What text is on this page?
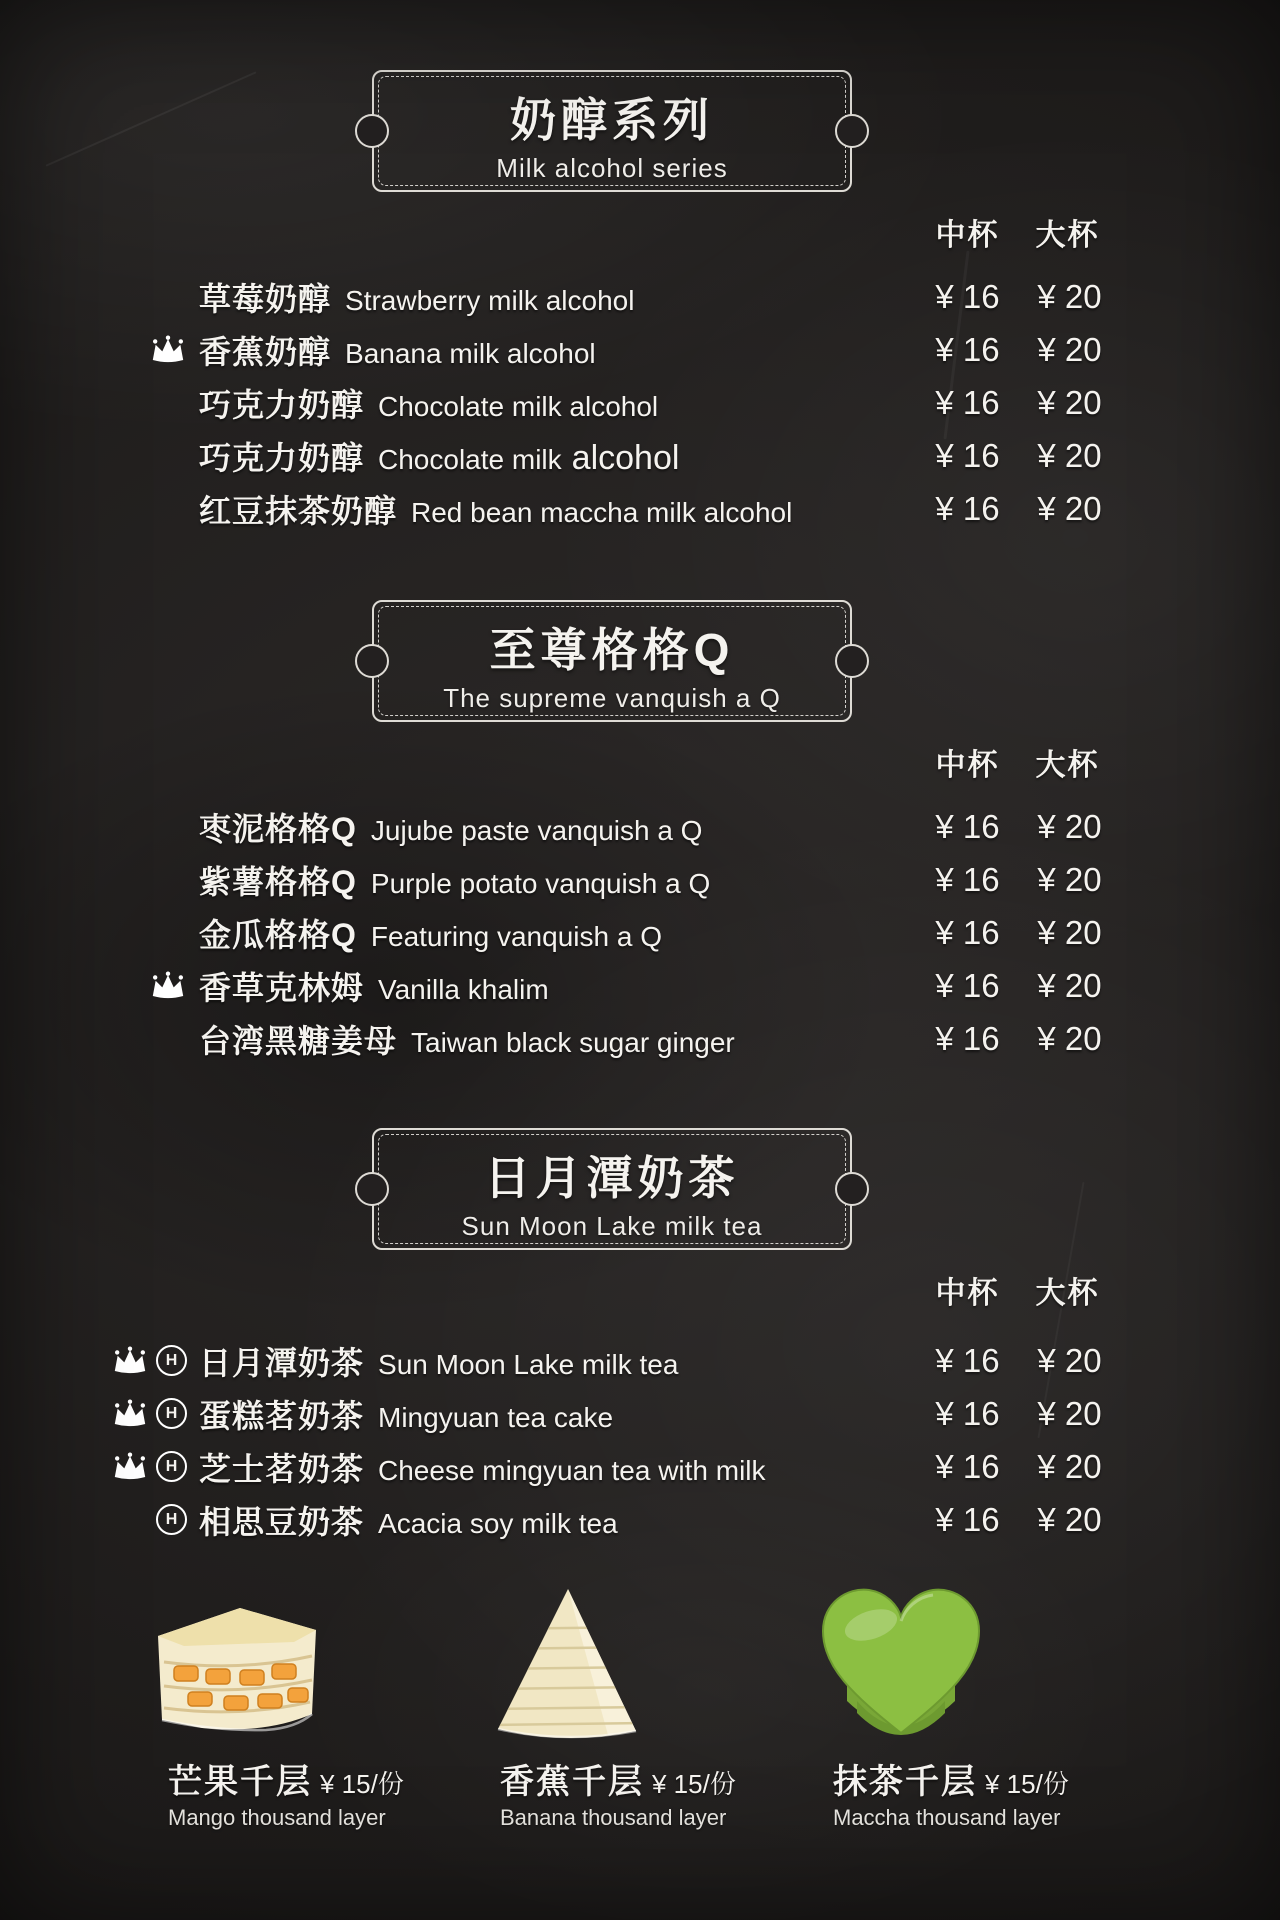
奶醇系列
Milk alcohol series
中杯	大杯
草莓奶醇 Strawberry milk alcohol	¥ 16	¥ 20
香蕉奶醇 Banana milk alcohol	¥ 16	¥ 20
巧克力奶醇 Chocolate milk alcohol	¥ 16	¥ 20
巧克力奶醇 Chocolate milk alcohol	¥ 16	¥ 20
红豆抹茶奶醇 Red bean maccha milk alcohol	¥ 16	¥ 20
至尊格格Q
The supreme vanquish a Q
中杯	大杯
枣泥格格Q Jujube paste vanquish a Q	¥ 16	¥ 20
紫薯格格Q Purple potato vanquish a Q	¥ 16	¥ 20
金瓜格格Q Featuring vanquish a Q	¥ 16	¥ 20
香草克林姆 Vanilla khalim	¥ 16	¥ 20
台湾黑糖姜母 Taiwan black sugar ginger	¥ 16	¥ 20
日月潭奶茶
Sun Moon Lake milk tea
中杯	大杯
H 日月潭奶茶 Sun Moon Lake milk tea	¥ 16	¥ 20
H 蛋糕茗奶茶 Mingyuan tea cake	¥ 16	¥ 20
H 芝士茗奶茶 Cheese mingyuan tea with milk	¥ 16	¥ 20
H 相思豆奶茶 Acacia soy milk tea	¥ 16	¥ 20
芒果千层 ¥ 15/份
Mango thousand layer
香蕉千层 ¥ 15/份
Banana thousand layer
抹茶千层 ¥ 15/份
Maccha thousand layer
